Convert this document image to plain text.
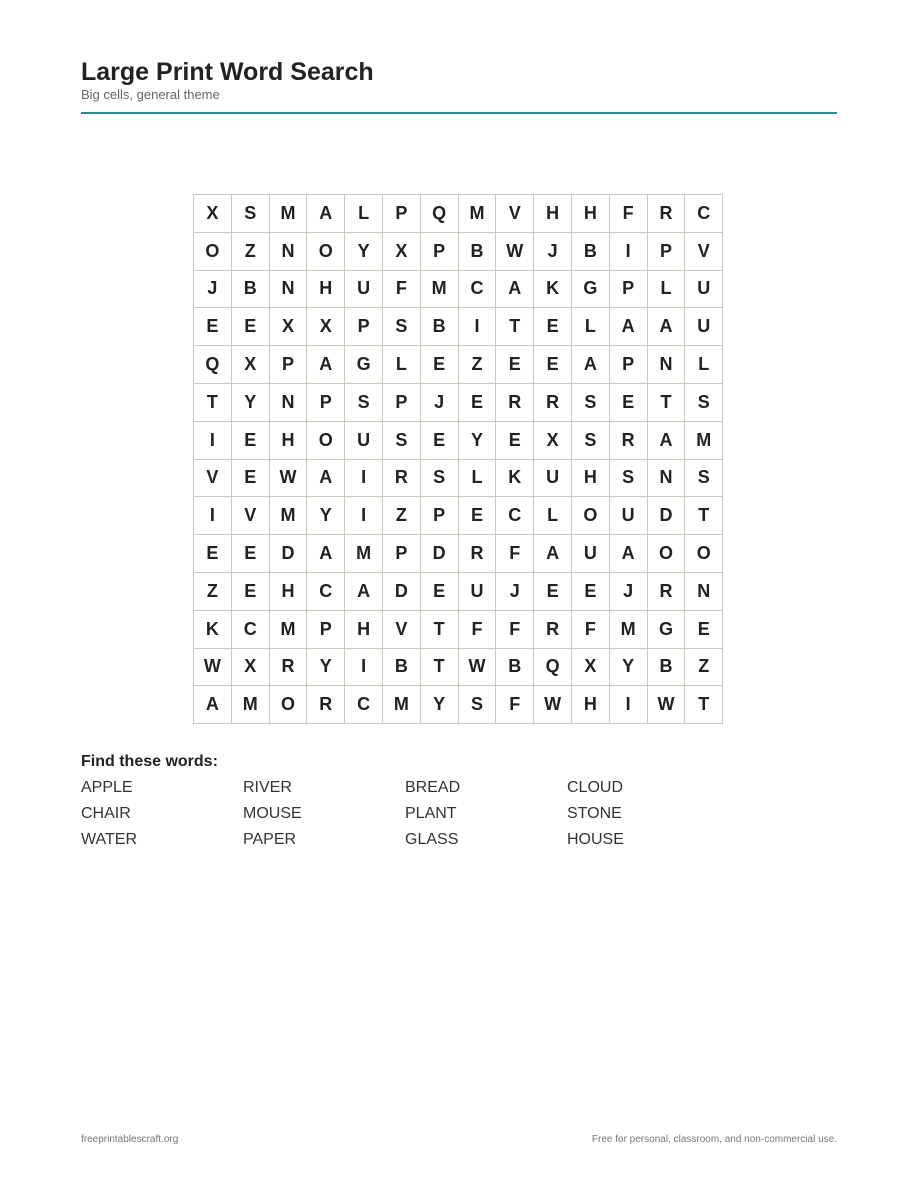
Large Print Word Search
Big cells, general theme
X	S	M	A	L	P	Q	M	V	H	H	F	R	C
O	Z	N	O	Y	X	P	B	W	J	B	I	P	V
J	B	N	H	U	F	M	C	A	K	G	P	L	U
E	E	X	X	P	S	B	I	T	E	L	A	A	U
Q	X	P	A	G	L	E	Z	E	E	A	P	N	L
T	Y	N	P	S	P	J	E	R	R	S	E	T	S
I	E	H	O	U	S	E	Y	E	X	S	R	A	M
V	E	W	A	I	R	S	L	K	U	H	S	N	S
I	V	M	Y	I	Z	P	E	C	L	O	U	D	T
E	E	D	A	M	P	D	R	F	A	U	A	O	O
Z	E	H	C	A	D	E	U	J	E	E	J	R	N
K	C	M	P	H	V	T	F	F	R	F	M	G	E
W	X	R	Y	I	B	T	W	B	Q	X	Y	B	Z
A	M	O	R	C	M	Y	S	F	W	H	I	W	T
Find these words:
APPLE	RIVER	BREAD	CLOUD
CHAIR	MOUSE	PLANT	STONE
WATER	PAPER	GLASS	HOUSE
freeprintablescraft.org	Free for personal, classroom, and non-commercial use.
